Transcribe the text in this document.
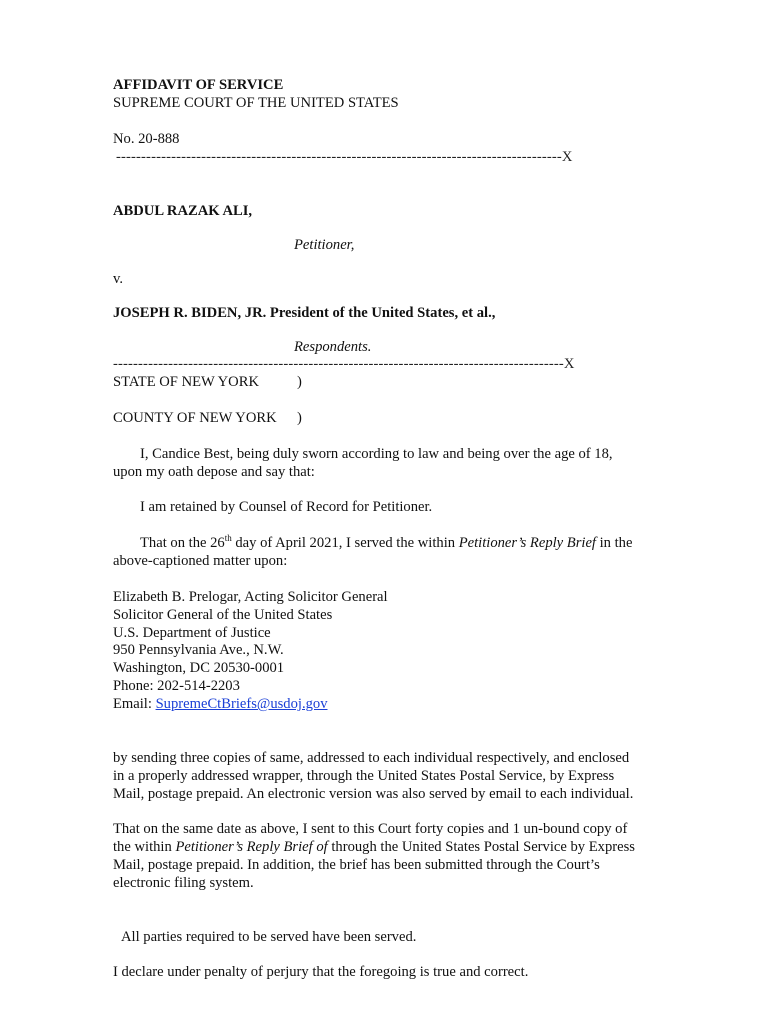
AFFIDAVIT OF SERVICE
SUPREME COURT OF THE UNITED STATES
No. 20-888
-----------------------------------------------------------------------------------------X
ABDUL RAZAK ALI,
Petitioner,
v.
JOSEPH R. BIDEN, JR. President of the United States, et al.,
Respondents.
------------------------------------------------------------------------------------------X
STATE OF NEW YORK	)
COUNTY OF NEW YORK )
I, Candice Best, being duly sworn according to law and being over the age of 18,
upon my oath depose and say that:
I am retained by Counsel of Record for Petitioner.
That on the 26th day of April 2021, I served the within Petitioner’s Reply Brief in the
above-captioned matter upon:
Elizabeth B. Prelogar, Acting Solicitor General
Solicitor General of the United States
U.S. Department of Justice
950 Pennsylvania Ave., N.W.
Washington, DC 20530-0001
Phone: 202-514-2203
Email: SupremeCtBriefs@usdoj.gov
by sending three copies of same, addressed to each individual respectively, and enclosed
in a properly addressed wrapper, through the United States Postal Service, by Express
Mail, postage prepaid. An electronic version was also served by email to each individual.
That on the same date as above, I sent to this Court forty copies and 1 un-bound copy of
the within Petitioner’s Reply Brief of through the United States Postal Service by Express
Mail, postage prepaid. In addition, the brief has been submitted through the Court’s
electronic filing system.
All parties required to be served have been served.
I declare under penalty of perjury that the foregoing is true and correct.
